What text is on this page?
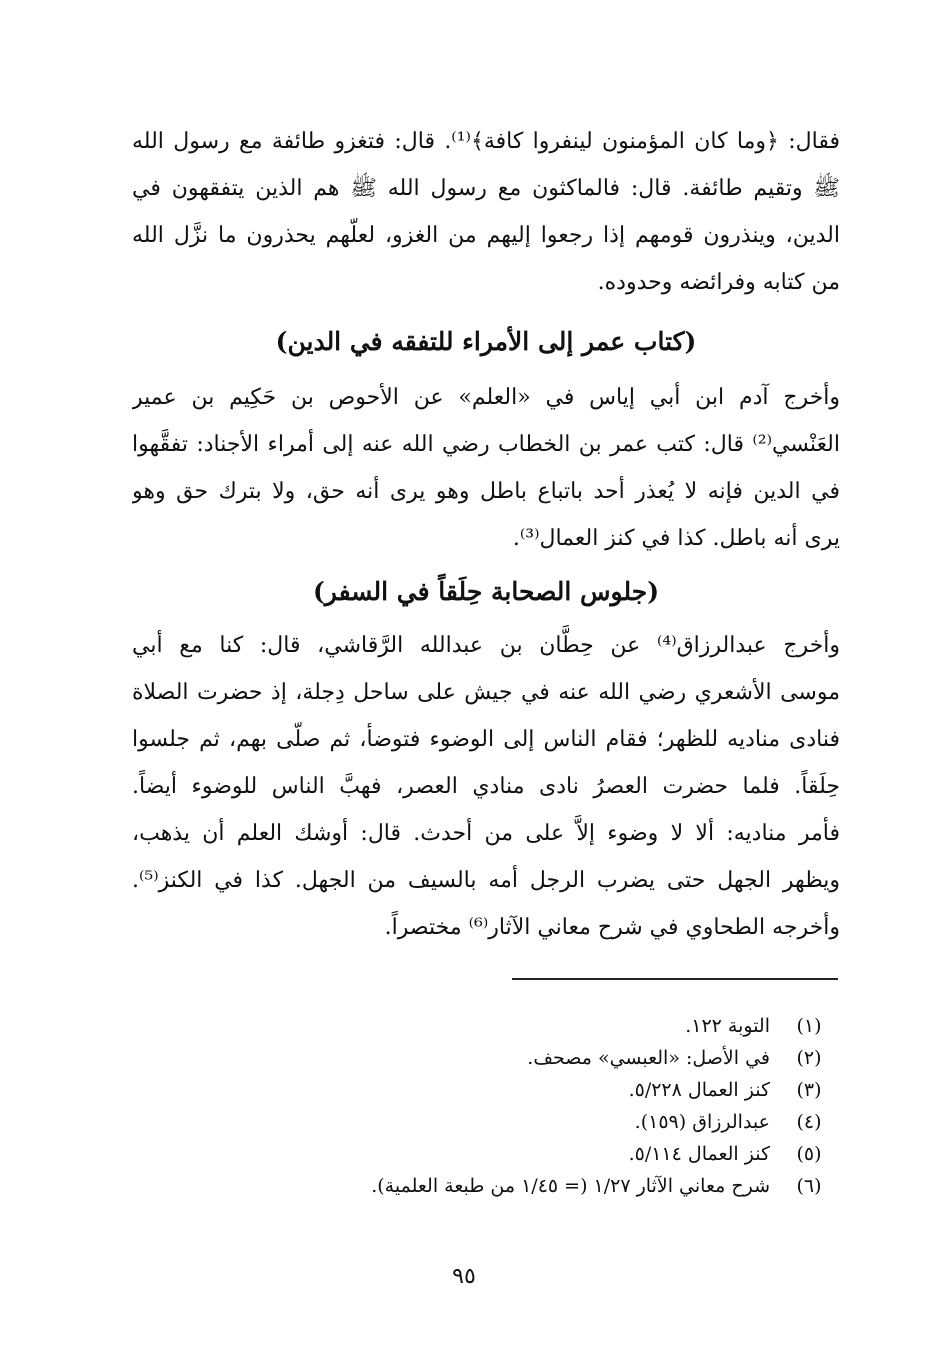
فقال: ﴿وما كان المؤمنون لينفروا كافة﴾⁽¹⁾. قال: فتغزو طائفة مع رسول الله
ﷺ وتقيم طائفة. قال: فالماكثون مع رسول الله ﷺ هم الذين يتفقهون في
الدين، وينذرون قومهم إذا رجعوا إليهم من الغزو، لعلّهم يحذرون ما نزَّل الله
من كتابه وفرائضه وحدوده.
(كتاب عمر إلى الأمراء للتفقه في الدين)
وأخرج آدم ابن أبي إياس في «العلم» عن الأحوص بن حَكِيم بن عمير
العَنْسي⁽²⁾ قال: كتب عمر بن الخطاب رضي الله عنه إلى أمراء الأجناد: تفقَّهوا
في الدين فإنه لا يُعذر أحد باتباع باطل وهو يرى أنه حق، ولا بترك حق وهو
يرى أنه باطل. كذا في كنز العمال⁽³⁾.
(جلوس الصحابة حِلَقاً في السفر)
وأخرج عبدالرزاق⁽⁴⁾ عن حِطَّان بن عبدالله الرَّقاشي، قال: كنا مع أبي
موسى الأشعري رضي الله عنه في جيش على ساحل دِجلة، إذ حضرت الصلاة
فنادى مناديه للظهر؛ فقام الناس إلى الوضوء فتوضأ، ثم صلّى بهم، ثم جلسوا
حِلَقاً. فلما حضرت العصرُ نادى منادي العصر، فهبَّ الناس للوضوء أيضاً.
فأمر مناديه: ألا لا وضوء إلاَّ على من أحدث. قال: أوشك العلم أن يذهب،
ويظهر الجهل حتى يضرب الرجل أمه بالسيف من الجهل. كذا في الكنز⁽⁵⁾.
وأخرجه الطحاوي في شرح معاني الآثار⁽⁶⁾ مختصراً.
(١)
التوبة ١٢٢.
(٢)
في الأصل: «العبسي» مصحف.
(٣)
كنز العمال ٥/٢٢٨.
(٤)
عبدالرزاق (١٥٩).
(٥)
كنز العمال ٥/١١٤.
(٦)
شرح معاني الآثار ١/٢٧ (= ١/٤٥ من طبعة العلمية).
٩٥
